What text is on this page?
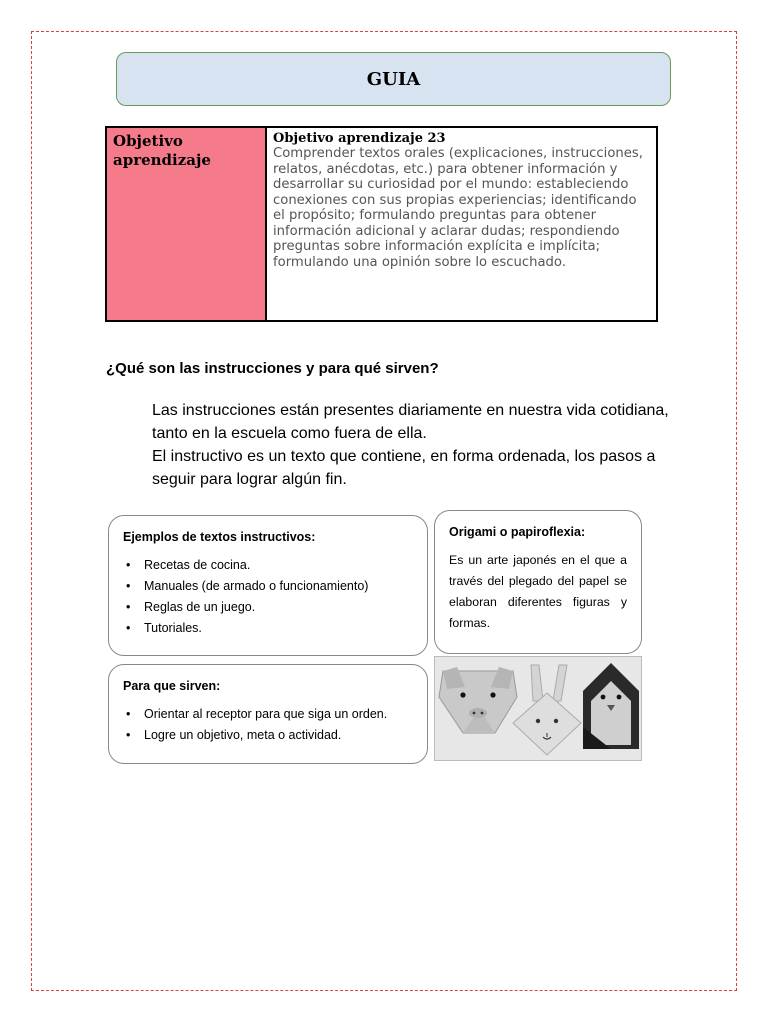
GUIA
Objetivo aprendizaje
Objetivo aprendizaje 23
Comprender textos orales (explicaciones, instrucciones, relatos, anécdotas, etc.) para obtener información y desarrollar su curiosidad por el mundo: estableciendo conexiones con sus propias experiencias; identificando el propósito; formulando preguntas para obtener información adicional y aclarar dudas; respondiendo preguntas sobre información explícita e implícita; formulando una opinión sobre lo escuchado.
¿Qué son las instrucciones y para qué sirven?

Las instrucciones están presentes diariamente en nuestra vida cotidiana, tanto en la escuela como fuera de ella.

El instructivo es un texto que contiene, en forma ordenada, los pasos a seguir para lograr algún fin.

Ejemplos de textos instructivos:
• Recetas de cocina.
• Manuales (de armado o funcionamiento)
• Reglas de un juego.
• Tutoriales.
Para que sirven:
• Orientar al receptor para que siga un orden.
• Logre un objetivo, meta o actividad.
Origami o papiroflexia:
Es un arte japonés en el que a través del plegado del papel se elaboran diferentes figuras y formas.
